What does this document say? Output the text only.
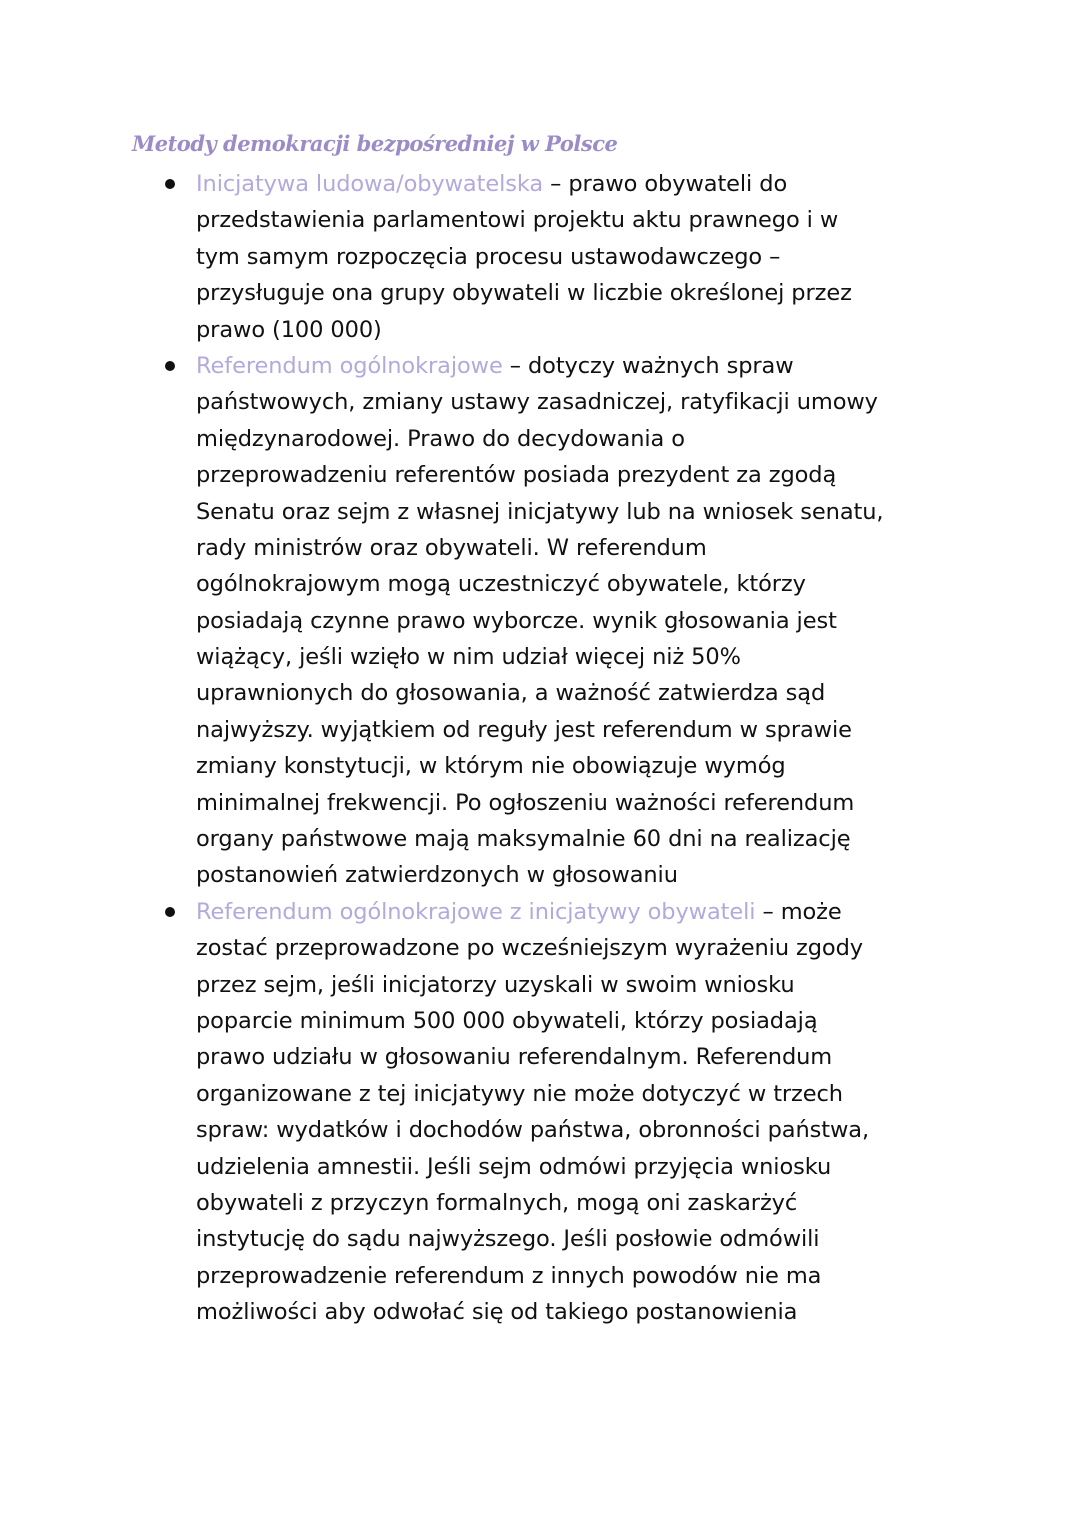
Metody demokracji bezpośredniej w Polsce
Inicjatywa ludowa/obywatelska – prawo obywateli do
przedstawienia parlamentowi projektu aktu prawnego i w
tym samym rozpoczęcia procesu ustawodawczego –
przysługuje ona grupy obywateli w liczbie określonej przez
prawo (100 000)
Referendum ogólnokrajowe – dotyczy ważnych spraw
państwowych, zmiany ustawy zasadniczej, ratyfikacji umowy
międzynarodowej. Prawo do decydowania o
przeprowadzeniu referentów posiada prezydent za zgodą
Senatu oraz sejm z własnej inicjatywy lub na wniosek senatu,
rady ministrów oraz obywateli. W referendum
ogólnokrajowym mogą uczestniczyć obywatele, którzy
posiadają czynne prawo wyborcze. wynik głosowania jest
wiążący, jeśli wzięło w nim udział więcej niż 50%
uprawnionych do głosowania, a ważność zatwierdza sąd
najwyższy. wyjątkiem od reguły jest referendum w sprawie
zmiany konstytucji, w którym nie obowiązuje wymóg
minimalnej frekwencji. Po ogłoszeniu ważności referendum
organy państwowe mają maksymalnie 60 dni na realizację
postanowień zatwierdzonych w głosowaniu
Referendum ogólnokrajowe z inicjatywy obywateli – może
zostać przeprowadzone po wcześniejszym wyrażeniu zgody
przez sejm, jeśli inicjatorzy uzyskali w swoim wniosku
poparcie minimum 500 000 obywateli, którzy posiadają
prawo udziału w głosowaniu referendalnym. Referendum
organizowane z tej inicjatywy nie może dotyczyć w trzech
spraw: wydatków i dochodów państwa, obronności państwa,
udzielenia amnestii. Jeśli sejm odmówi przyjęcia wniosku
obywateli z przyczyn formalnych, mogą oni zaskarżyć
instytucję do sądu najwyższego. Jeśli posłowie odmówili
przeprowadzenie referendum z innych powodów nie ma
możliwości aby odwołać się od takiego postanowienia
